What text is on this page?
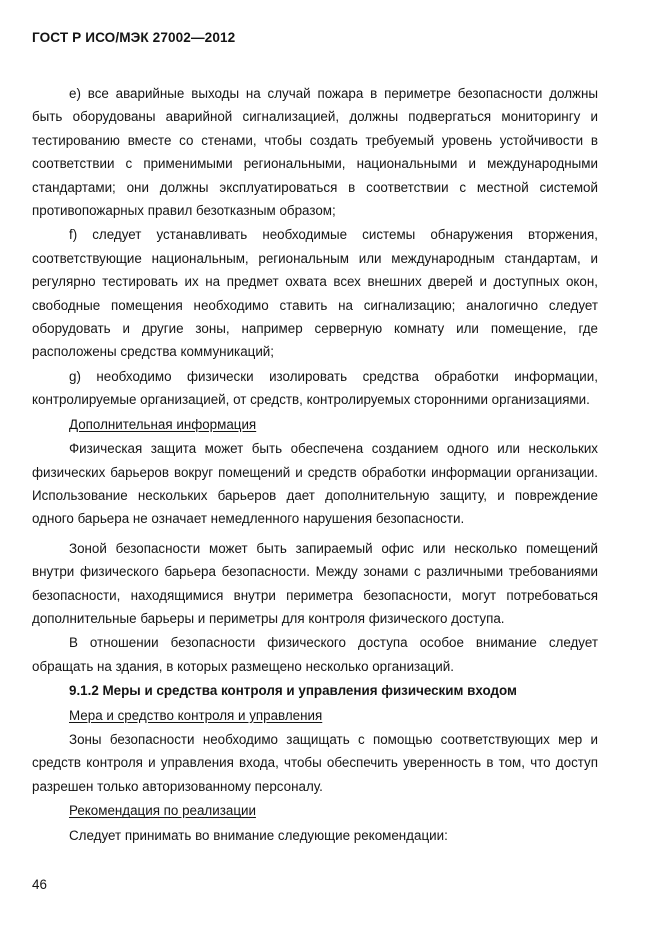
ГОСТ Р ИСО/МЭК 27002—2012

e) все аварийные выходы на случай пожара в периметре безопасности должны быть оборудованы аварийной сигнализацией, должны подвергаться мониторингу и тестированию вместе со стенами, чтобы создать требуемый уровень устойчивости в соответствии с применимыми региональными, национальными и международными стандартами; они должны эксплуатироваться в соответствии с местной системой противопожарных правил безотказным образом;

f) следует устанавливать необходимые системы обнаружения вторжения, соответствующие национальным, региональным или международным стандартам, и регулярно тестировать их на предмет охвата всех внешних дверей и доступных окон, свободные помещения необходимо ставить на сигнализацию; аналогично следует оборудовать и другие зоны, например серверную комнату или помещение, где расположены средства коммуникаций;

g) необходимо физически изолировать средства обработки информации, контролируемые организацией, от средств, контролируемых сторонними организациями.

Дополнительная информация

Физическая защита может быть обеспечена созданием одного или нескольких физических барьеров вокруг помещений и средств обработки информации организации. Использование нескольких барьеров дает дополнительную защиту, и повреждение одного барьера не означает немедленного нарушения безопасности.

Зоной безопасности может быть запираемый офис или несколько помещений внутри физического барьера безопасности. Между зонами с различными требованиями безопасности, находящимися внутри периметра безопасности, могут потребоваться дополнительные барьеры и периметры для контроля физического доступа.

В отношении безопасности физического доступа особое внимание следует обращать на здания, в которых размещено несколько организаций.

9.1.2 Меры и средства контроля и управления физическим входом

Мера и средство контроля и управления

Зоны безопасности необходимо защищать с помощью соответствующих мер и средств контроля и управления входа, чтобы обеспечить уверенность в том, что доступ разрешен только авторизованному персоналу.

Рекомендация по реализации

Следует принимать во внимание следующие рекомендации:

46
